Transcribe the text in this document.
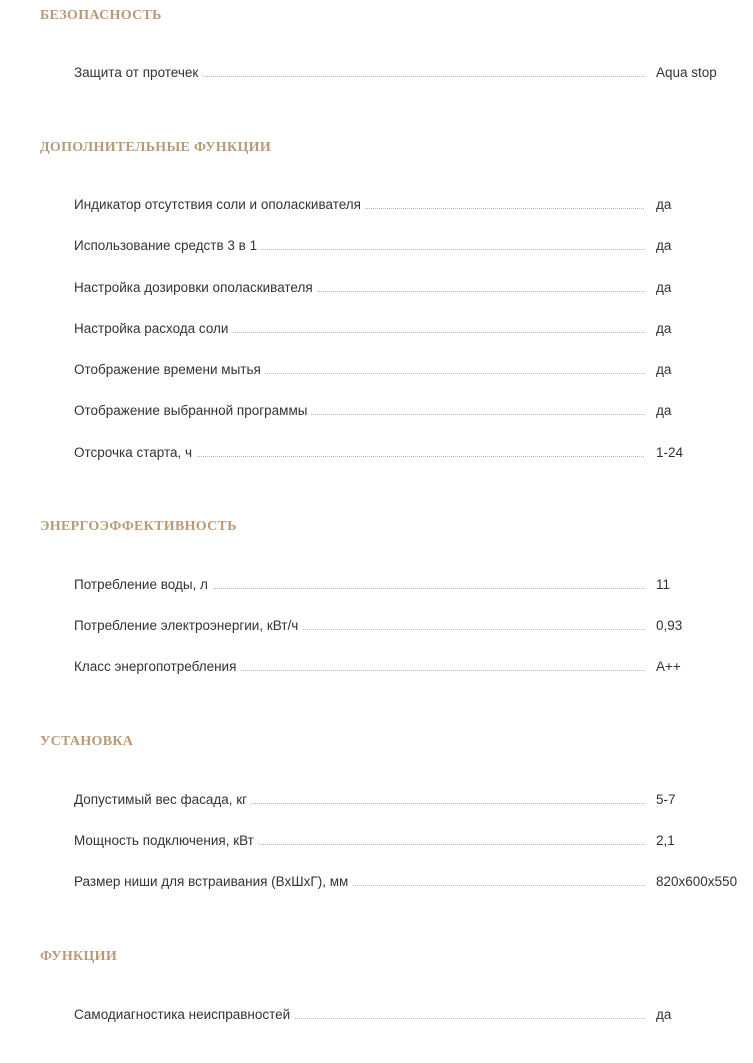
БЕЗОПАСНОСТЬ
Защита от протечек	Aqua stop
ДОПОЛНИТЕЛЬНЫЕ ФУНКЦИИ
Индикатор отсутствия соли и ополаскивателя	да
Использование средств 3 в 1	да
Настройка дозировки ополаскивателя	да
Настройка расхода соли	да
Отображение времени мытья	да
Отображение выбранной программы	да
Отсрочка старта, ч	1-24
ЭНЕРГОЭФФЕКТИВНОСТЬ
Потребление воды, л	11
Потребление электроэнергии, кВт/ч	0,93
Класс энергопотребления	A++
УСТАНОВКА
Допустимый вес фасада, кг	5-7
Мощность подключения, кВт	2,1
Размер ниши для встраивания (ВхШхГ), мм	820x600x550
ФУНКЦИИ
Самодиагностика неисправностей	да
